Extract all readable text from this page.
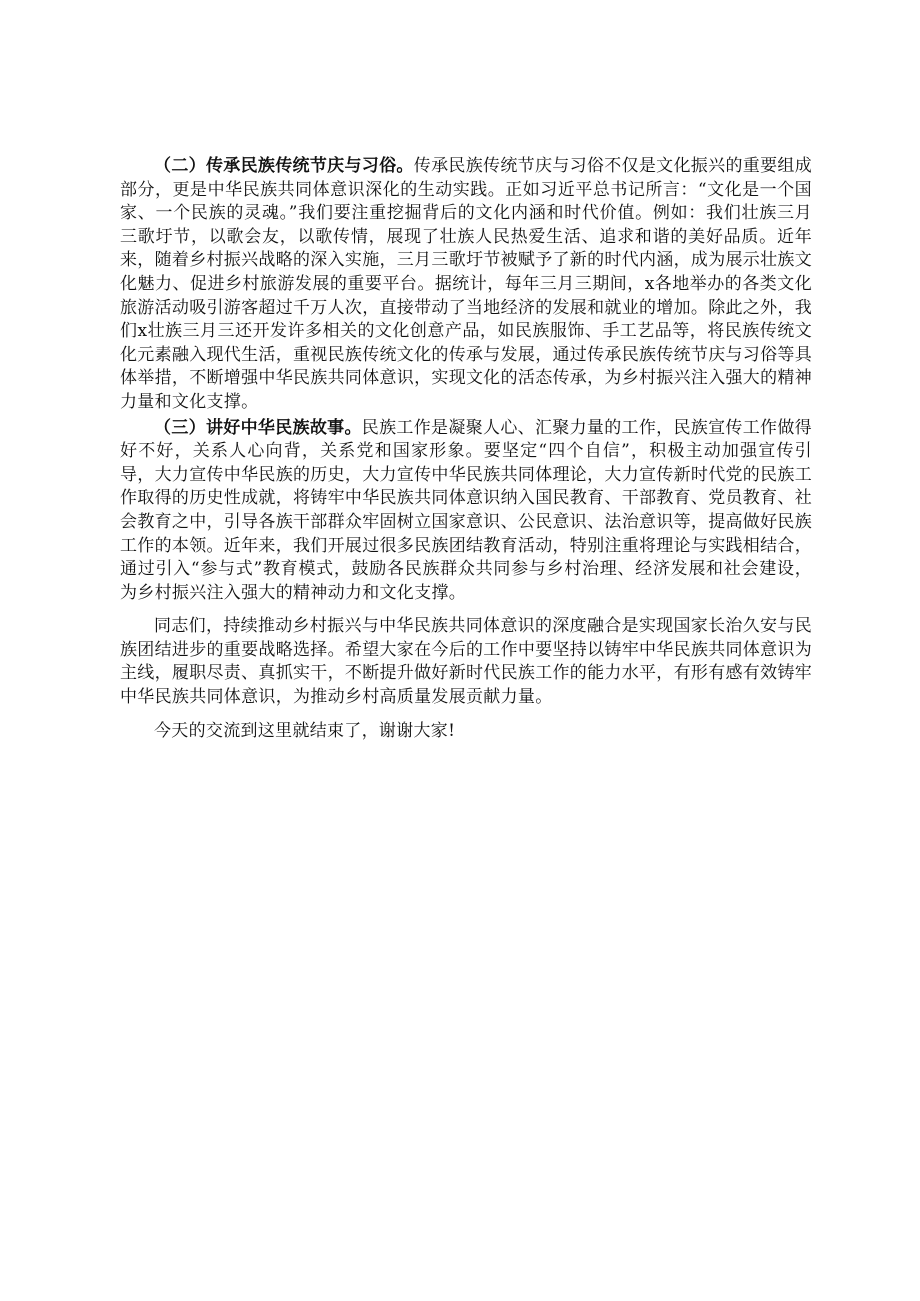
（二）传承民族传统节庆与习俗。传承民族传统节庆与习俗不仅是文化振兴的重要组成部分，更是中华民族共同体意识深化的生动实践。正如习近平总书记所言：“文化是一个国家、一个民族的灵魂。”我们要注重挖掘背后的文化内涵和时代价值。例如：我们壮族三月三歌圩节，以歌会友，以歌传情，展现了壮族人民热爱生活、追求和谐的美好品质。近年来，随着乡村振兴战略的深入实施，三月三歌圩节被赋予了新的时代内涵，成为展示壮族文化魅力、促进乡村旅游发展的重要平台。据统计，每年三月三期间，x各地举办的各类文化旅游活动吸引游客超过千万人次，直接带动了当地经济的发展和就业的增加。除此之外，我们x壮族三月三还开发许多相关的文化创意产品，如民族服饰、手工艺品等，将民族传统文化元素融入现代生活，重视民族传统文化的传承与发展，通过传承民族传统节庆与习俗等具体举措，不断增强中华民族共同体意识，实现文化的活态传承，为乡村振兴注入强大的精神力量和文化支撑。

（三）讲好中华民族故事。民族工作是凝聚人心、汇聚力量的工作，民族宣传工作做得好不好，关系人心向背，关系党和国家形象。要坚定“四个自信”，积极主动加强宣传引导，大力宣传中华民族的历史，大力宣传中华民族共同体理论，大力宣传新时代党的民族工作取得的历史性成就，将铸牢中华民族共同体意识纳入国民教育、干部教育、党员教育、社会教育之中，引导各族干部群众牢固树立国家意识、公民意识、法治意识等，提高做好民族工作的本领。近年来，我们开展过很多民族团结教育活动，特别注重将理论与实践相结合，通过引入“参与式”教育模式，鼓励各民族群众共同参与乡村治理、经济发展和社会建设，为乡村振兴注入强大的精神动力和文化支撑。

同志们，持续推动乡村振兴与中华民族共同体意识的深度融合是实现国家长治久安与民族团结进步的重要战略选择。希望大家在今后的工作中要坚持以铸牢中华民族共同体意识为主线，履职尽责、真抓实干，不断提升做好新时代民族工作的能力水平，有形有感有效铸牢中华民族共同体意识，为推动乡村高质量发展贡献力量。

今天的交流到这里就结束了，谢谢大家!
